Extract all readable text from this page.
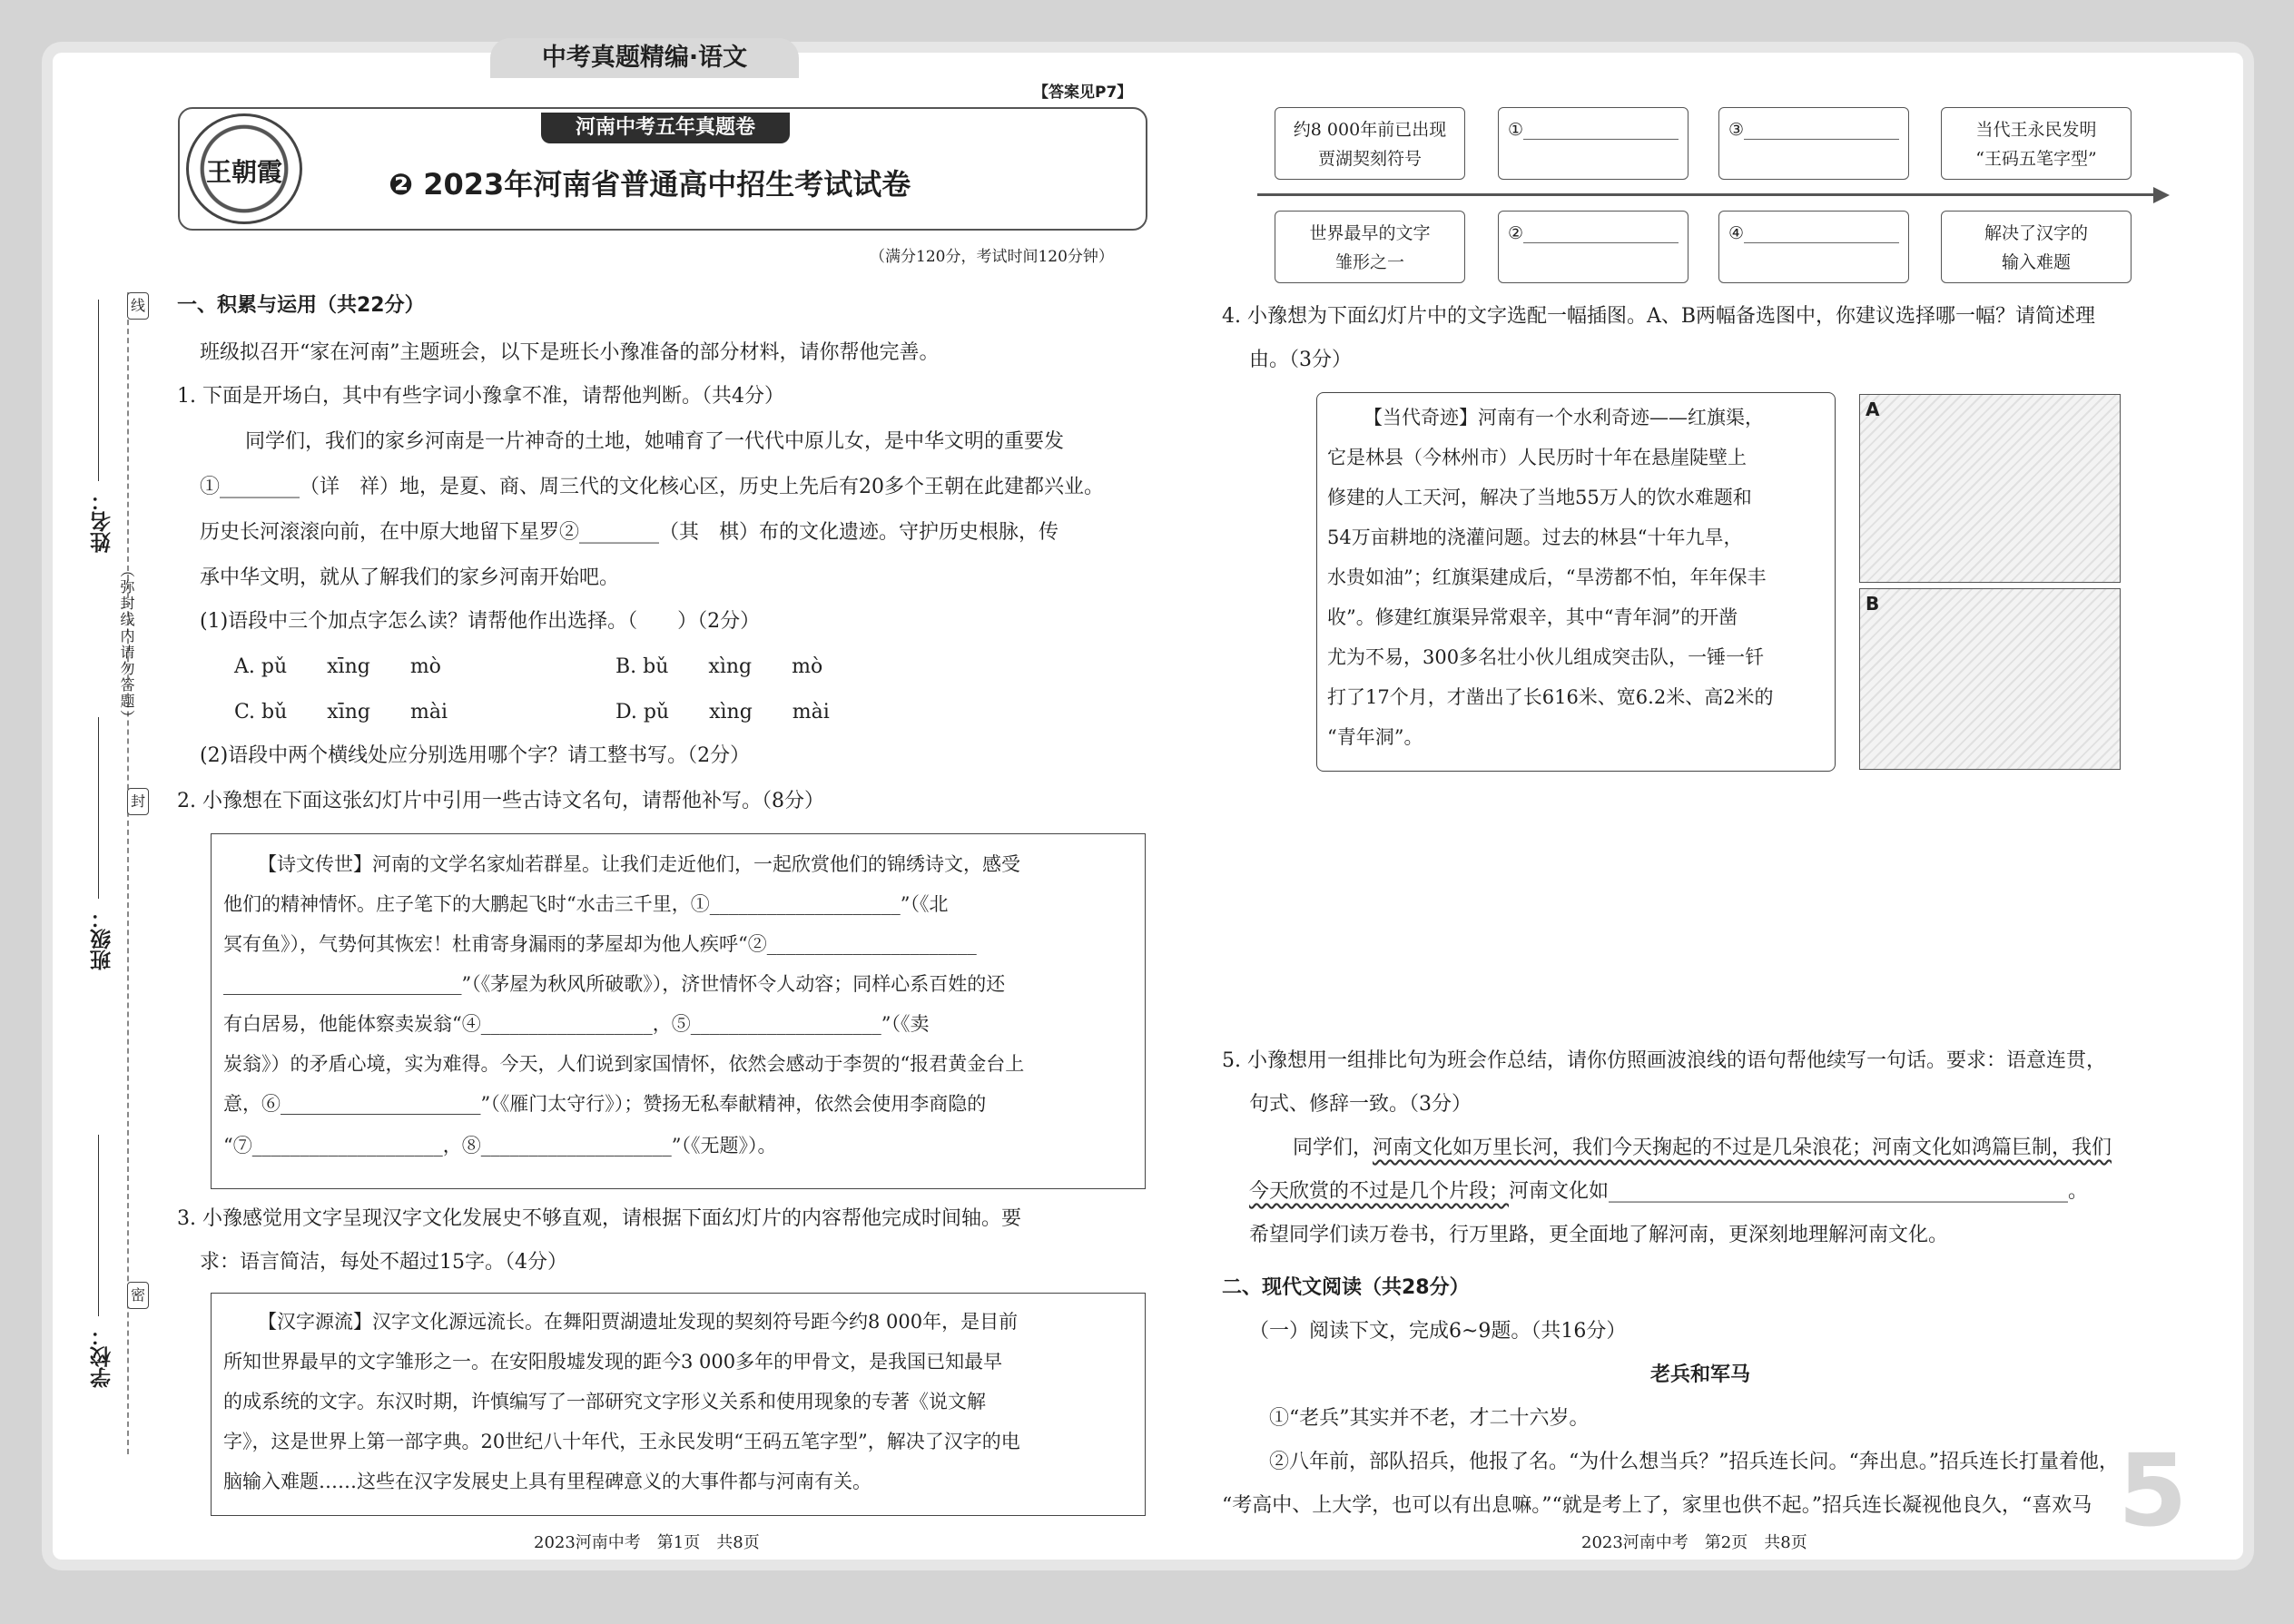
中考真题精编·语文
【答案见P7】
王朝霞
河南中考五年真题卷
❷ 2023年河南省普通高中招生考试试卷
（满分120分，考试时间120分钟）
线
封
密
（弥封线内请勿答题）
姓名：
班级：
学校：
一、积累与运用（共22分）
班级拟召开“家在河南”主题班会，以下是班长小豫准备的部分材料，请你帮他完善。
1. 下面是开场白，其中有些字词小豫拿不准，请帮他判断。（共4分）
同学们，我们的家乡河南是一片神奇的土地，她哺育了一代代中原儿女，是中华文明的重要发
①________（详　祥）地，是夏、商、周三代的文化核心区，历史上先后有20多个王朝在此建都兴业。
历史长河滚滚向前，在中原大地留下星罗②________（其　棋）布的文化遗迹。守护历史根脉，传
承中华文明，就从了解我们的家乡河南开始吧。
(1)语段中三个加点字怎么读？请帮他作出选择。（　　）（2分）
A. pǔ　　xīng　　mò	B. bǔ　　xìng　　mò
C. bǔ　　xīng　　mài	D. pǔ　　xìng　　mài
(2)语段中两个横线处应分别选用哪个字？请工整书写。（2分）
2. 小豫想在下面这张幻灯片中引用一些古诗文名句，请帮他补写。（8分）
【诗文传世】河南的文学名家灿若群星。让我们走近他们，一起欣赏他们的锦绣诗文，感受
他们的精神情怀。庄子笔下的大鹏起飞时“水击三千里，①____________________”（《北
冥有鱼》），气势何其恢宏！杜甫寄身漏雨的茅屋却为他人疾呼“②______________________
_________________________”（《茅屋为秋风所破歌》），济世情怀令人动容；同样心系百姓的还
有白居易，他能体察卖炭翁“④__________________，⑤____________________”（《卖
炭翁》）的矛盾心境，实为难得。今天，人们说到家国情怀，依然会感动于李贺的“报君黄金台上
意，⑥_____________________”（《雁门太守行》）；赞扬无私奉献精神，依然会使用李商隐的
“⑦____________________，⑧____________________”（《无题》）。
3. 小豫感觉用文字呈现汉字文化发展史不够直观，请根据下面幻灯片的内容帮他完成时间轴。要
求：语言简洁，每处不超过15字。（4分）
【汉字源流】汉字文化源远流长。在舞阳贾湖遗址发现的契刻符号距今约8 000年，是目前
所知世界最早的文字雏形之一。在安阳殷墟发现的距今3 000多年的甲骨文，是我国已知最早
的成系统的文字。东汉时期，许慎编写了一部研究文字形义关系和使用现象的专著《说文解
字》，这是世界上第一部字典。20世纪八十年代，王永民发明“王码五笔字型”，解决了汉字的电
脑输入难题……这些在汉字发展史上具有里程碑意义的大事件都与河南有关。
2023河南中考　第1页　共8页
约8 000年前已出现
贾湖契刻符号
①__________________	③__________________	当代王永民发明
“王码五笔字型”
世界最早的文字
雏形之一
②__________________	④__________________	解决了汉字的
输入难题
4. 小豫想为下面幻灯片中的文字选配一幅插图。A、B两幅备选图中，你建议选择哪一幅？请简述理
由。（3分）
【当代奇迹】河南有一个水利奇迹——红旗渠，
它是林县（今林州市）人民历时十年在悬崖陡壁上
修建的人工天河，解决了当地55万人的饮水难题和
54万亩耕地的浇灌问题。过去的林县“十年九旱，
水贵如油”；红旗渠建成后，“旱涝都不怕，年年保丰
收”。修建红旗渠异常艰辛，其中“青年洞”的开凿
尤为不易，300多名壮小伙儿组成突击队，一锤一钎
打了17个月，才凿出了长616米、宽6.2米、高2米的
“青年洞”。
A
B
5. 小豫想用一组排比句为班会作总结，请你仿照画波浪线的语句帮他续写一句话。要求：语意连贯，
句式、修辞一致。（3分）
同学们，河南文化如万里长河，我们今天掬起的不过是几朵浪花；河南文化如鸿篇巨制，我们
今天欣赏的不过是几个片段；河南文化如______________________________________________。
希望同学们读万卷书，行万里路，更全面地了解河南，更深刻地理解河南文化。
二、现代文阅读（共28分）
（一）阅读下文，完成6~9题。（共16分）
老兵和军马
①“老兵”其实并不老，才二十六岁。
②八年前，部队招兵，他报了名。“为什么想当兵？”招兵连长问。“奔出息。”招兵连长打量着他，
“考高中、上大学，也可以有出息嘛。”“就是考上了，家里也供不起。”招兵连长凝视他良久，“喜欢马
2023河南中考　第2页　共8页	5
